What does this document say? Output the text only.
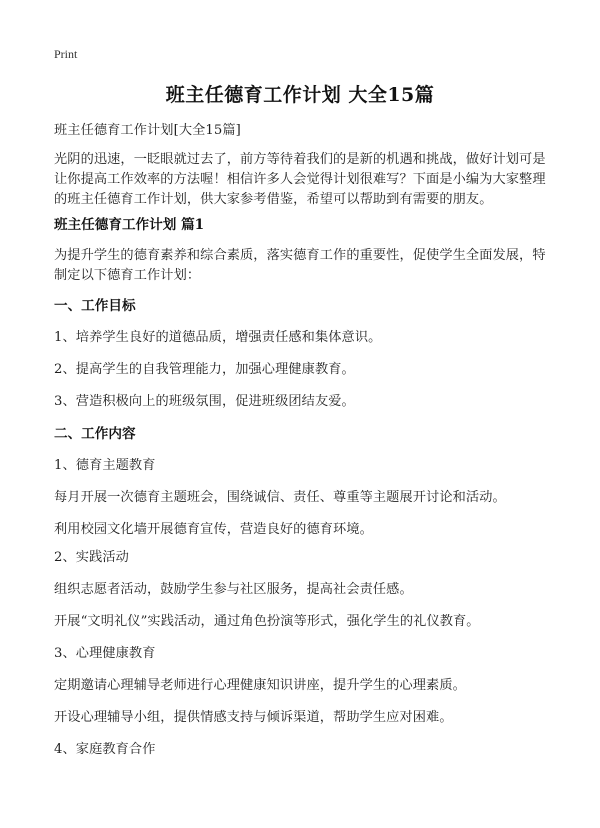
Print
班主任德育工作计划 大全15篇
班主任德育工作计划[大全15篇]
光阴的迅速，一眨眼就过去了，前方等待着我们的是新的机遇和挑战，做好计划可是让你提高工作效率的方法喔！相信许多人会觉得计划很难写？下面是小编为大家整理的班主任德育工作计划，供大家参考借鉴，希望可以帮助到有需要的朋友。
班主任德育工作计划 篇1
为提升学生的德育素养和综合素质，落实德育工作的重要性，促使学生全面发展，特制定以下德育工作计划：
一、工作目标
1、培养学生良好的道德品质，增强责任感和集体意识。
2、提高学生的自我管理能力，加强心理健康教育。
3、营造积极向上的班级氛围，促进班级团结友爱。
二、工作内容
1、德育主题教育
每月开展一次德育主题班会，围绕诚信、责任、尊重等主题展开讨论和活动。
利用校园文化墙开展德育宣传，营造良好的德育环境。
2、实践活动
组织志愿者活动，鼓励学生参与社区服务，提高社会责任感。
开展“文明礼仪”实践活动，通过角色扮演等形式，强化学生的礼仪教育。
3、心理健康教育
定期邀请心理辅导老师进行心理健康知识讲座，提升学生的心理素质。
开设心理辅导小组，提供情感支持与倾诉渠道，帮助学生应对困难。
4、家庭教育合作
